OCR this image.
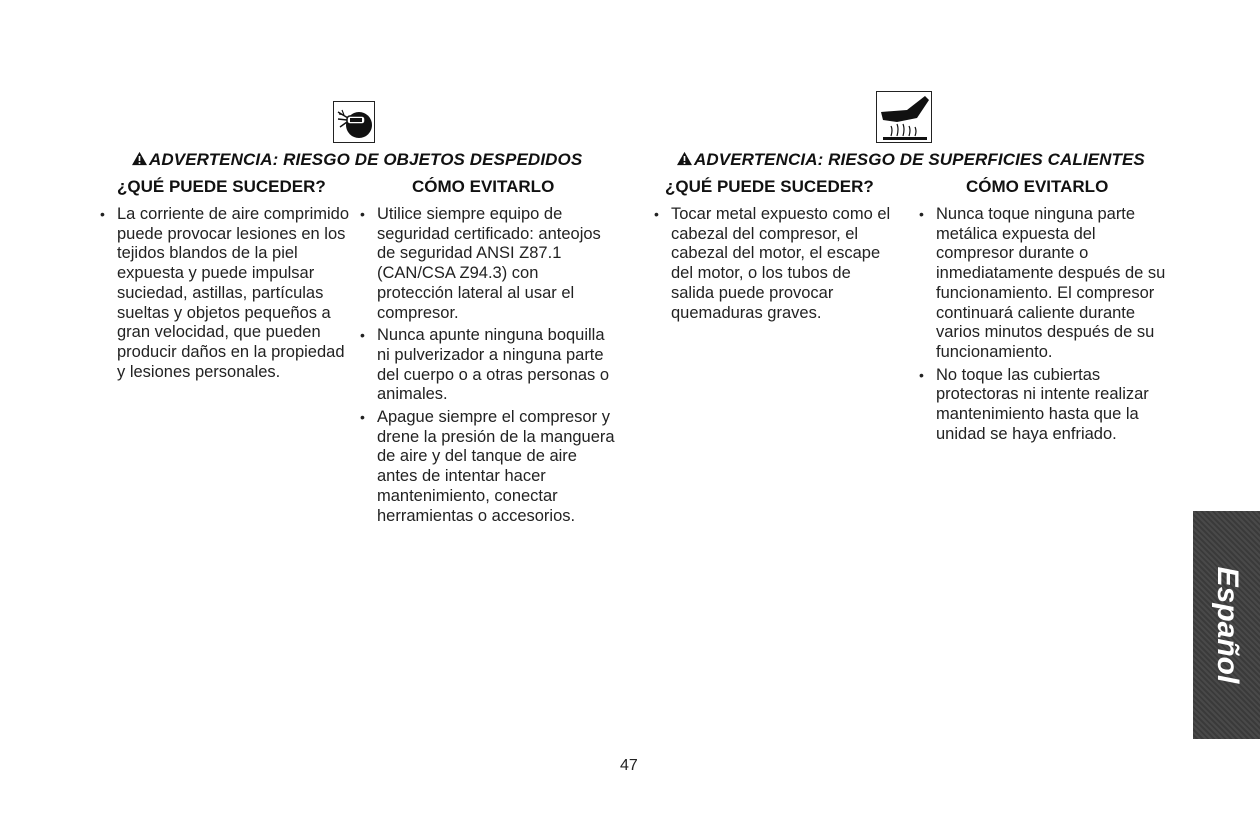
ADVERTENCIA: RIESGO DE OBJETOS DESPEDIDOS
¿QUÉ PUEDE SUCEDER?	CÓMO EVITARLO
• La corriente de aire comprimido puede provocar lesiones en los tejidos blandos de la piel expuesta y puede impulsar suciedad, astillas, partículas sueltas y objetos pequeños a gran velocidad, que pueden producir daños en la propiedad y lesiones personales.
• Utilice siempre equipo de seguridad certificado: anteojos de seguridad ANSI Z87.1 (CAN/CSA Z94.3) con protección lateral al usar el compresor.
• Nunca apunte ninguna boquilla ni pulverizador a ninguna parte del cuerpo o a otras personas o animales.
• Apague siempre el compresor y drene la presión de la manguera de aire y del tanque de aire antes de intentar hacer mantenimiento, conectar herramientas o accesorios.
ADVERTENCIA: RIESGO DE SUPERFICIES CALIENTES
¿QUÉ PUEDE SUCEDER?	CÓMO EVITARLO
• Tocar metal expuesto como el cabezal del compresor, el cabezal del motor, el escape del motor, o los tubos de salida puede provocar quemaduras graves.
• Nunca toque ninguna parte metálica expuesta del compresor durante o inmediatamente después de su funcionamiento. El compresor continuará caliente durante varios minutos después de su funcionamiento.
• No toque las cubiertas protectoras ni intente realizar mantenimiento hasta que la unidad se haya enfriado.
47
Español
